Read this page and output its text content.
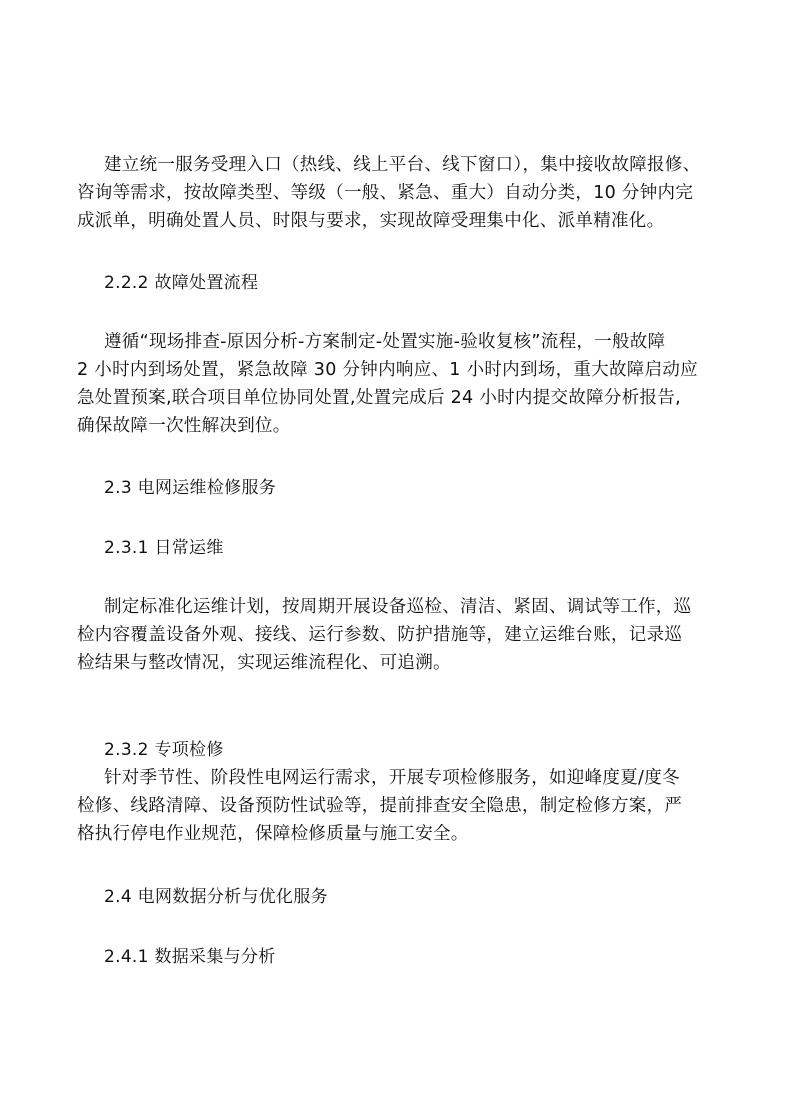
建立统一服务受理入口（热线、线上平台、线下窗口），集中接收故障报修、
咨询等需求，按故障类型、等级（一般、紧急、重大）自动分类，10 分钟内完
成派单，明确处置人员、时限与要求，实现故障受理集中化、派单精准化。
2.2.2 故障处置流程
遵循“现场排查-原因分析-方案制定-处置实施-验收复核”流程，一般故障
2 小时内到场处置，紧急故障 30 分钟内响应、1 小时内到场，重大故障启动应
急处置预案,联合项目单位协同处置,处置完成后 24 小时内提交故障分析报告,
确保故障一次性解决到位。
2.3 电网运维检修服务
2.3.1 日常运维
制定标准化运维计划，按周期开展设备巡检、清洁、紧固、调试等工作，巡
检内容覆盖设备外观、接线、运行参数、防护措施等，建立运维台账，记录巡
检结果与整改情况，实现运维流程化、可追溯。
2.3.2 专项检修
针对季节性、阶段性电网运行需求，开展专项检修服务，如迎峰度夏/度冬
检修、线路清障、设备预防性试验等，提前排查安全隐患，制定检修方案，严
格执行停电作业规范，保障检修质量与施工安全。
2.4 电网数据分析与优化服务
2.4.1 数据采集与分析
